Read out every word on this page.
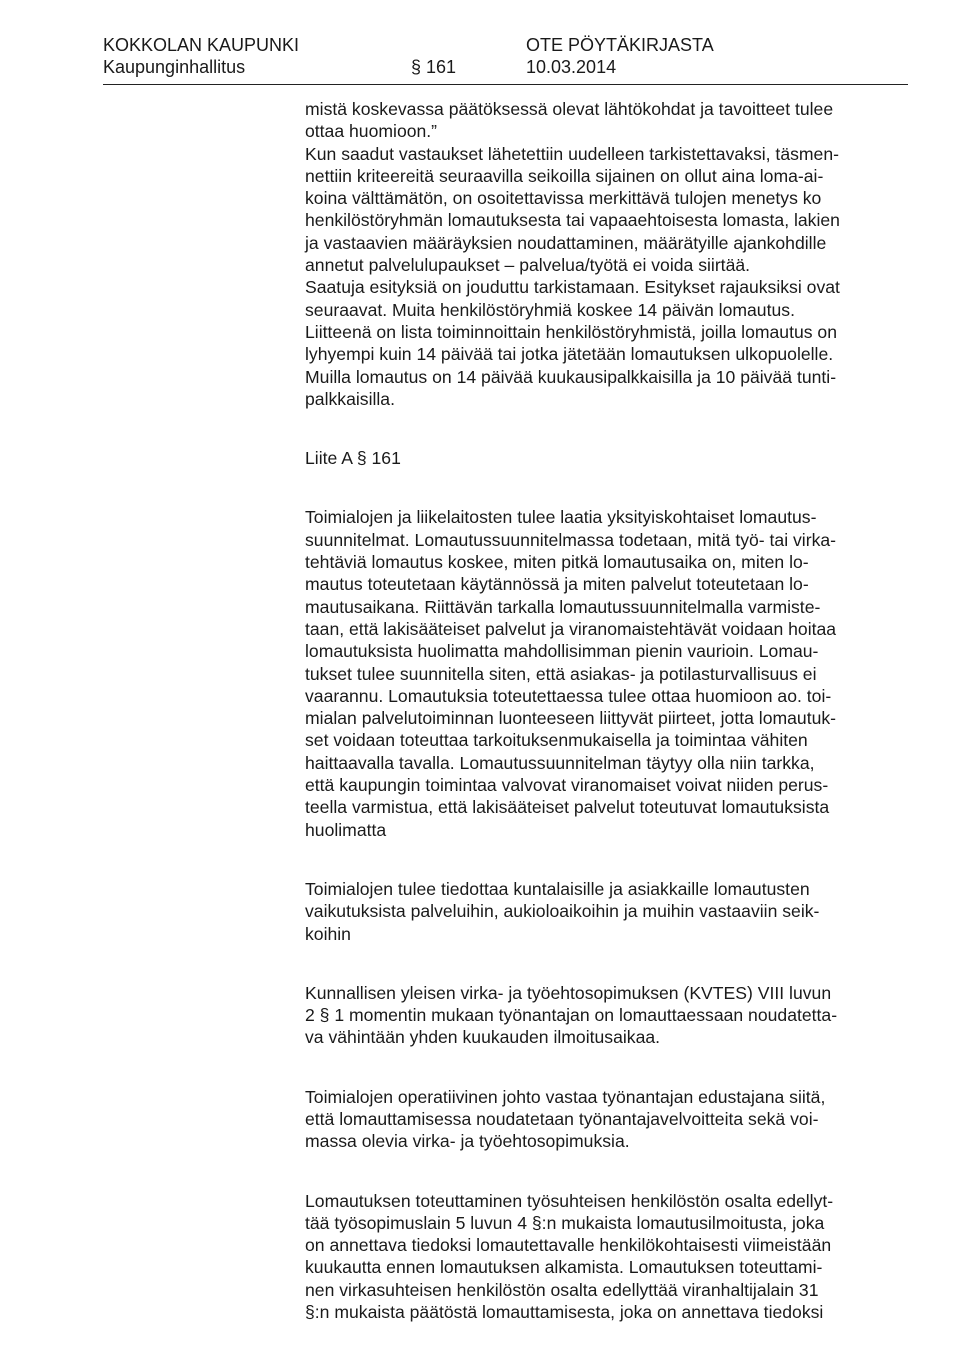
KOKKOLAN KAUPUNKI
Kaupunginhallitus	§ 161
OTE PÖYTÄKIRJASTA
10.03.2014
mistä koskevassa päätöksessä olevat lähtökohdat ja tavoitteet tulee
ottaa huomioon.”
Kun saadut vastaukset lähetettiin uudelleen tarkistettavaksi, täsmen-
nettiin kriteereitä seuraavilla seikoilla sijainen on ollut aina loma-ai-
koina välttämätön, on osoitettavissa merkittävä tulojen menetys ko
henkilöstöryhmän lomautuksesta tai vapaaehtoisesta lomasta, lakien
ja vastaavien määräyksien noudattaminen, määrätyille ajankohdille
annetut palvelulupaukset – palvelua/työtä ei voida siirtää.
Saatuja esityksiä on jouduttu tarkistamaan. Esitykset rajauksiksi ovat
seuraavat. Muita henkilöstöryhmiä koskee 14 päivän lomautus.
Liitteenä on lista toiminnoittain henkilöstöryhmistä, joilla lomautus on
lyhyempi kuin 14 päivää tai jotka jätetään lomautuksen ulkopuolelle.
Muilla lomautus on 14 päivää kuukausipalkkaisilla ja 10 päivää tunti-
palkkaisilla.
Liite A § 161
Toimialojen ja liikelaitosten tulee laatia yksityiskohtaiset lomautus-
suunnitelmat. Lomautussuunnitelmassa todetaan, mitä työ- tai virka-
tehtäviä lomautus koskee, miten pitkä lomautusaika on, miten lo-
mautus toteutetaan käytännössä ja miten palvelut toteutetaan lo-
mautusaikana. Riittävän tarkalla lomautussuunnitelmalla varmiste-
taan, että lakisääteiset palvelut ja viranomaistehtävät voidaan hoitaa
lomautuksista huolimatta mahdollisimman pienin vaurioin. Lomau-
tukset tulee suunnitella siten, että asiakas- ja potilasturvallisuus ei
vaarannu. Lomautuksia toteutettaessa tulee ottaa huomioon ao. toi-
mialan palvelutoiminnan luonteeseen liittyvät piirteet, jotta lomautuk-
set voidaan toteuttaa tarkoituksenmukaisella ja toimintaa vähiten
haittaavalla tavalla. Lomautussuunnitelman täytyy olla niin tarkka,
että kaupungin toimintaa valvovat viranomaiset voivat niiden perus-
teella varmistua, että lakisääteiset palvelut toteutuvat lomautuksista
huolimatta
Toimialojen tulee tiedottaa kuntalaisille ja asiakkaille lomautusten
vaikutuksista palveluihin, aukioloaikoihin ja muihin vastaaviin seik-
koihin
Kunnallisen yleisen virka- ja työehtosopimuksen (KVTES) VIII luvun
2 § 1 momentin mukaan työnantajan on lomauttaessaan noudatetta-
va vähintään yhden kuukauden ilmoitusaikaa.
Toimialojen operatiivinen johto vastaa työnantajan edustajana siitä,
että lomauttamisessa noudatetaan työnantajavelvoitteita sekä voi-
massa olevia virka- ja työehtosopimuksia.
Lomautuksen toteuttaminen työsuhteisen henkilöstön osalta edellyt-
tää työsopimuslain 5 luvun 4 §:n mukaista lomautusilmoitusta, joka
on annettava tiedoksi lomautettavalle henkilökohtaisesti viimeistään
kuukautta ennen lomautuksen alkamista. Lomautuksen toteuttami-
nen virkasuhteisen henkilöstön osalta edellyttää viranhaltijalain 31
§:n mukaista päätöstä lomauttamisesta, joka on annettava tiedoksi
